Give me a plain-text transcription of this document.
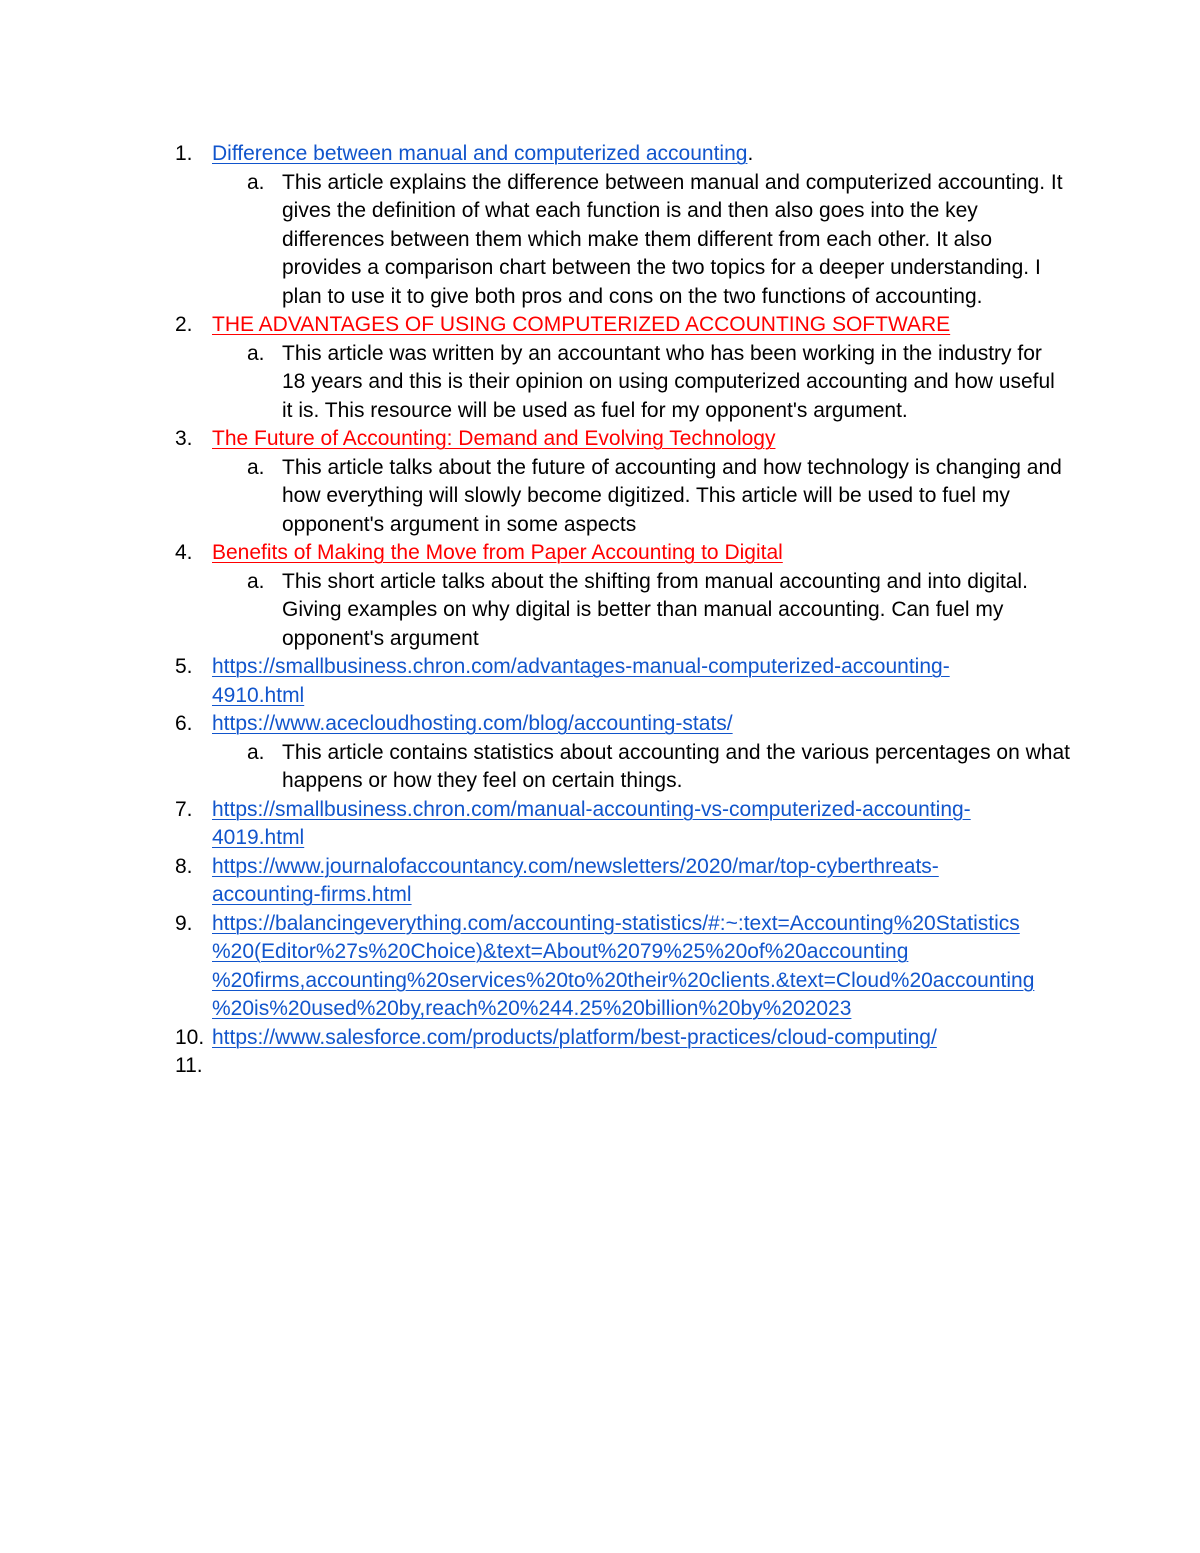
1. Difference between manual and computerized accounting.
a. This article explains the difference between manual and computerized accounting. It gives the definition of what each function is and then also goes into the key differences between them which make them different from each other. It also provides a comparison chart between the two topics for a deeper understanding. I plan to use it to give both pros and cons on the two functions of accounting.
2. THE ADVANTAGES OF USING COMPUTERIZED ACCOUNTING SOFTWARE
a. This article was written by an accountant who has been working in the industry for 18 years and this is their opinion on using computerized accounting and how useful it is. This resource will be used as fuel for my opponent's argument.
3. The Future of Accounting: Demand and Evolving Technology
a. This article talks about the future of accounting and how technology is changing and how everything will slowly become digitized. This article will be used to fuel my opponent's argument in some aspects
4. Benefits of Making the Move from Paper Accounting to Digital
a. This short article talks about the shifting from manual accounting and into digital. Giving examples on why digital is better than manual accounting. Can fuel my opponent's argument
5. https://smallbusiness.chron.com/advantages-manual-computerized-accounting-
4910.html
6. https://www.acecloudhosting.com/blog/accounting-stats/
a. This article contains statistics about accounting and the various percentages on what happens or how they feel on certain things.
7. https://smallbusiness.chron.com/manual-accounting-vs-computerized-accounting-
4019.html
8. https://www.journalofaccountancy.com/newsletters/2020/mar/top-cyberthreats-
accounting-firms.html
9. https://balancingeverything.com/accounting-statistics/#:~:text=Accounting%20Statistics
%20(Editor%27s%20Choice)&text=About%2079%25%20of%20accounting
%20firms,accounting%20services%20to%20their%20clients.&text=Cloud%20accounting
%20is%20used%20by,reach%20%244.25%20billion%20by%202023
10. https://www.salesforce.com/products/platform/best-practices/cloud-computing/
11.
